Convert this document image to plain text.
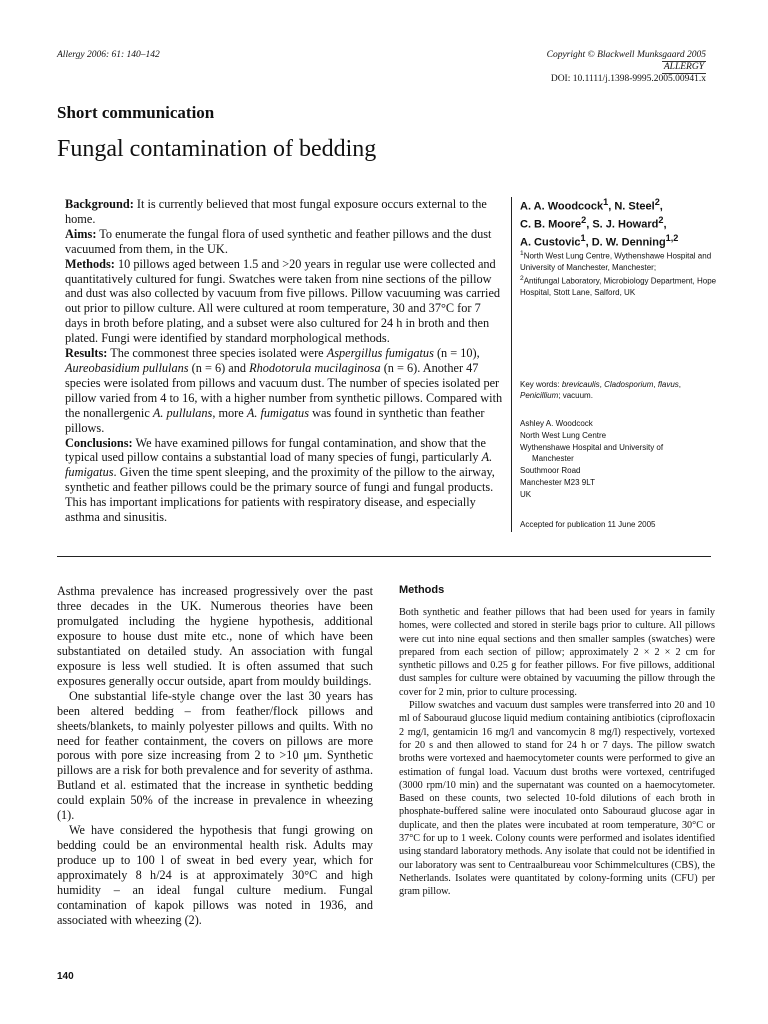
Allergy 2006: 61: 140–142	Copyright © Blackwell Munksgaard 2005
ALLERGY
DOI: 10.1111/j.1398-9995.2005.00941.x
Short communication
Fungal contamination of bedding

Background: It is currently believed that most fungal exposure occurs external to the home.

Aims: To enumerate the fungal flora of used synthetic and feather pillows and the dust vacuumed from them, in the UK.

Methods: 10 pillows aged between 1.5 and >20 years in regular use were collected and quantitatively cultured for fungi. Swatches were taken from nine sections of the pillow and dust was also collected by vacuum from five pillows. Pillow vacuuming was carried out prior to pillow culture. All were cultured at room temperature, 30 and 37°C for 7 days in broth before plating, and a subset were also cultured for 24 h in broth and then plated. Fungi were identified by standard morphological methods.

Results: The commonest three species isolated were Aspergillus fumigatus (n = 10), Aureobasidium pullulans (n = 6) and Rhodotorula mucilaginosa (n = 6). Another 47 species were isolated from pillows and vacuum dust. The number of species isolated per pillow varied from 4 to 16, with a higher number from synthetic pillows. Compared with the nonallergenic A. pullulans, more A. fumigatus was found in synthetic than feather pillows.

Conclusions: We have examined pillows for fungal contamination, and show that the typical used pillow contains a substantial load of many species of fungi, particularly A. fumigatus. Given the time spent sleeping, and the proximity of the pillow to the airway, synthetic and feather pillows could be the primary source of fungi and fungal products. This has important implications for patients with respiratory disease, and especially asthma and sinusitis.

A. A. Woodcock$^1$, N. Steel$^2$,
C. B. Moore$^2$, S. J. Howard$^2$,
A. Custovic$^1$, D. W. Denning$^{1,2}$

$^1$North West Lung Centre, Wythenshawe Hospital and University of Manchester, Manchester;

$^2$Antifungal Laboratory, Microbiology Department, Hope Hospital, Stott Lane, Salford, UK

Key words: brevicaulis, Cladosporium, flavus, Penicillium; vacuum.

Ashley A. Woodcock

North West Lung Centre

Wythenshawe Hospital and University of

Manchester

Southmoor Road

Manchester M23 9LT

UK

Accepted for publication 11 June 2005

Asthma prevalence has increased progressively over the past three decades in the UK. Numerous theories have been promulgated including the hygiene hypothesis, additional exposure to house dust mite etc., none of which have been substantiated on detailed study. An association with fungal exposure is less well studied. It is often assumed that such exposures generally occur outside, apart from mouldy buildings.

One substantial life-style change over the last 30 years has been altered bedding – from feather/flock pillows and sheets/blankets, to mainly polyester pillows and quilts. With no need for feather containment, the covers on pillows are more porous with pore size increasing from 2 to >10 μm. Synthetic pillows are a risk for both prevalence and for severity of asthma. Butland et al. estimated that the increase in synthetic bedding could explain 50% of the increase in prevalence in wheezing (1).

We have considered the hypothesis that fungi growing on bedding could be an environmental health risk. Adults may produce up to 100 l of sweat in bed every year, which for approximately 8 h/24 is at approximately 30°C and high humidity – an ideal fungal culture medium. Fungal contamination of kapok pillows was noted in 1936, and associated with wheezing (2).

Methods

Both synthetic and feather pillows that had been used for years in family homes, were collected and stored in sterile bags prior to culture. All pillows were cut into nine equal sections and then smaller samples (swatches) were prepared from each section of pillow; approximately 2 × 2 × 2 cm for synthetic pillows and 0.25 g for feather pillows. For five pillows, additional dust samples for culture were obtained by vacuuming the pillow through the cover for 2 min, prior to culture processing.

Pillow swatches and vacuum dust samples were transferred into 20 and 10 ml of Sabouraud glucose liquid medium containing antibiotics (ciprofloxacin 2 mg/l, gentamicin 16 mg/l and vancomycin 8 mg/l) respectively, vortexed for 20 s and then allowed to stand for 24 h or 7 days. The pillow swatch broths were vortexed and haemocytometer counts were performed to give an estimation of fungal load. Vacuum dust broths were vortexed, centrifuged (3000 rpm/10 min) and the supernatant was counted on a haemocytometer. Based on these counts, two selected 10-fold dilutions of each broth in phosphate-buffered saline were inoculated onto Sabouraud glucose agar in duplicate, and then the plates were incubated at room temperature, 30°C or 37°C for up to 1 week. Colony counts were performed and isolates identified using standard laboratory methods. Any isolate that could not be identified in our laboratory was sent to Centraalbureau voor Schimmelcultures (CBS), the Netherlands. Isolates were quantitated by colony-forming units (CFU) per gram pillow.

140
